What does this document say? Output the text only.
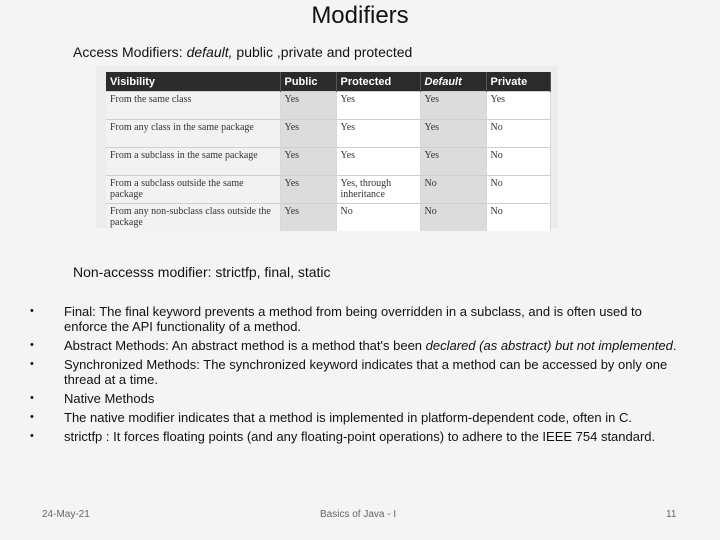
Modifiers
Access Modifiers: default, public ,private and protected
Visibility	Public	Protected	Default	Private
From the same class	Yes	Yes	Yes	Yes
From any class in the same package	Yes	Yes	Yes	No
From a subclass in the same package	Yes	Yes	Yes	No
From a subclass outside the same package	Yes	Yes, through inheritance	No	No
From any non-subclass class outside the package	Yes	No	No	No
Non-accesss modifier: strictfp, final, static
• Final: The final keyword prevents a method from being overridden in a subclass, and is often used to enforce the API functionality of a method.
• Abstract Methods: An abstract method is a method that's been declared (as abstract) but not implemented.
• Synchronized Methods: The synchronized keyword indicates that a method can be accessed by only one thread at a time.
• Native Methods
• The native modifier indicates that a method is implemented in platform-dependent code, often in C.
• strictfp : It forces floating points (and any floating-point operations) to adhere to the IEEE 754 standard.
24-May-21	Basics of Java - I	11
